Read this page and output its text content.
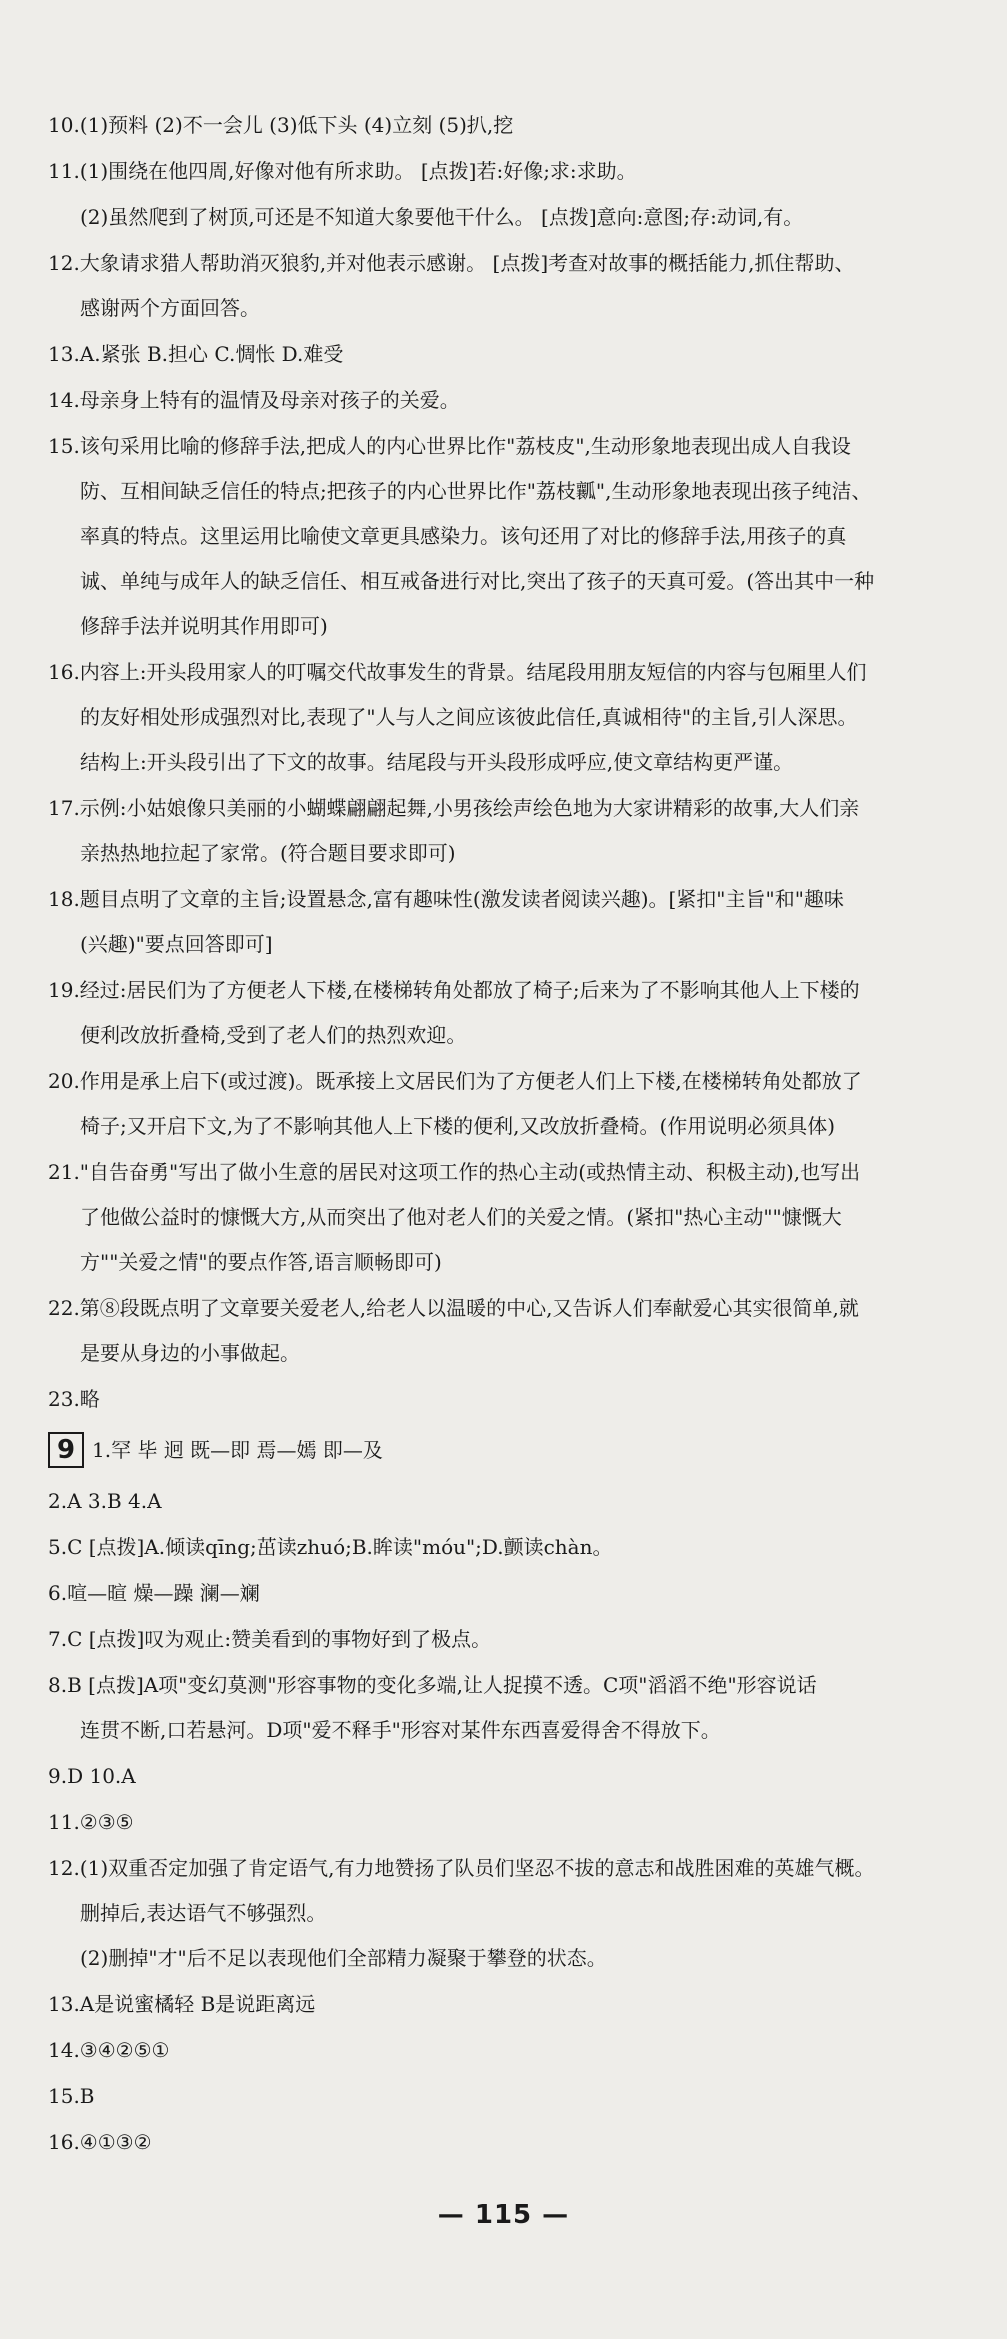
10.(1)预料 (2)不一会儿 (3)低下头 (4)立刻 (5)扒,挖

11.(1)围绕在他四周,好像对他有所求助。 [点拨]若:好像;求:求助。

(2)虽然爬到了树顶,可还是不知道大象要他干什么。 [点拨]意向:意图;存:动词,有。

12.大象请求猎人帮助消灭狼豹,并对他表示感谢。 [点拨]考查对故事的概括能力,抓住帮助、

感谢两个方面回答。

13.A.紧张 B.担心 C.惆怅 D.难受

14.母亲身上特有的温情及母亲对孩子的关爱。

15.该句采用比喻的修辞手法,把成人的内心世界比作"荔枝皮",生动形象地表现出成人自我设

防、互相间缺乏信任的特点;把孩子的内心世界比作"荔枝瓤",生动形象地表现出孩子纯洁、

率真的特点。这里运用比喻使文章更具感染力。该句还用了对比的修辞手法,用孩子的真

诚、单纯与成年人的缺乏信任、相互戒备进行对比,突出了孩子的天真可爱。(答出其中一种

修辞手法并说明其作用即可)

16.内容上:开头段用家人的叮嘱交代故事发生的背景。结尾段用朋友短信的内容与包厢里人们

的友好相处形成强烈对比,表现了"人与人之间应该彼此信任,真诚相待"的主旨,引人深思。

结构上:开头段引出了下文的故事。结尾段与开头段形成呼应,使文章结构更严谨。

17.示例:小姑娘像只美丽的小蝴蝶翩翩起舞,小男孩绘声绘色地为大家讲精彩的故事,大人们亲

亲热热地拉起了家常。(符合题目要求即可)

18.题目点明了文章的主旨;设置悬念,富有趣味性(激发读者阅读兴趣)。[紧扣"主旨"和"趣味

(兴趣)"要点回答即可]

19.经过:居民们为了方便老人下楼,在楼梯转角处都放了椅子;后来为了不影响其他人上下楼的

便利改放折叠椅,受到了老人们的热烈欢迎。

20.作用是承上启下(或过渡)。既承接上文居民们为了方便老人们上下楼,在楼梯转角处都放了

椅子;又开启下文,为了不影响其他人上下楼的便利,又改放折叠椅。(作用说明必须具体)

21."自告奋勇"写出了做小生意的居民对这项工作的热心主动(或热情主动、积极主动),也写出

了他做公益时的慷慨大方,从而突出了他对老人们的关爱之情。(紧扣"热心主动""慷慨大

方""关爱之情"的要点作答,语言顺畅即可)

22.第⑧段既点明了文章要关爱老人,给老人以温暖的中心,又告诉人们奉献爱心其实很简单,就

是要从身边的小事做起。

23.略

9 1.罕 毕 迥 既—即 焉—嫣 即—及

2.A 3.B 4.A

5.C [点拨]A.倾读qīng;茁读zhuó;B.眸读"móu";D.颤读chàn。

6.喧—暄 燥—躁 澜—斓

7.C [点拨]叹为观止:赞美看到的事物好到了极点。

8.B [点拨]A项"变幻莫测"形容事物的变化多端,让人捉摸不透。C项"滔滔不绝"形容说话

连贯不断,口若悬河。D项"爱不释手"形容对某件东西喜爱得舍不得放下。

9.D 10.A

11.②③⑤

12.(1)双重否定加强了肯定语气,有力地赞扬了队员们坚忍不拔的意志和战胜困难的英雄气概。

删掉后,表达语气不够强烈。

(2)删掉"才"后不足以表现他们全部精力凝聚于攀登的状态。

13.A是说蜜橘轻 B是说距离远

14.③④②⑤①

15.B

16.④①③②

— 115 —
